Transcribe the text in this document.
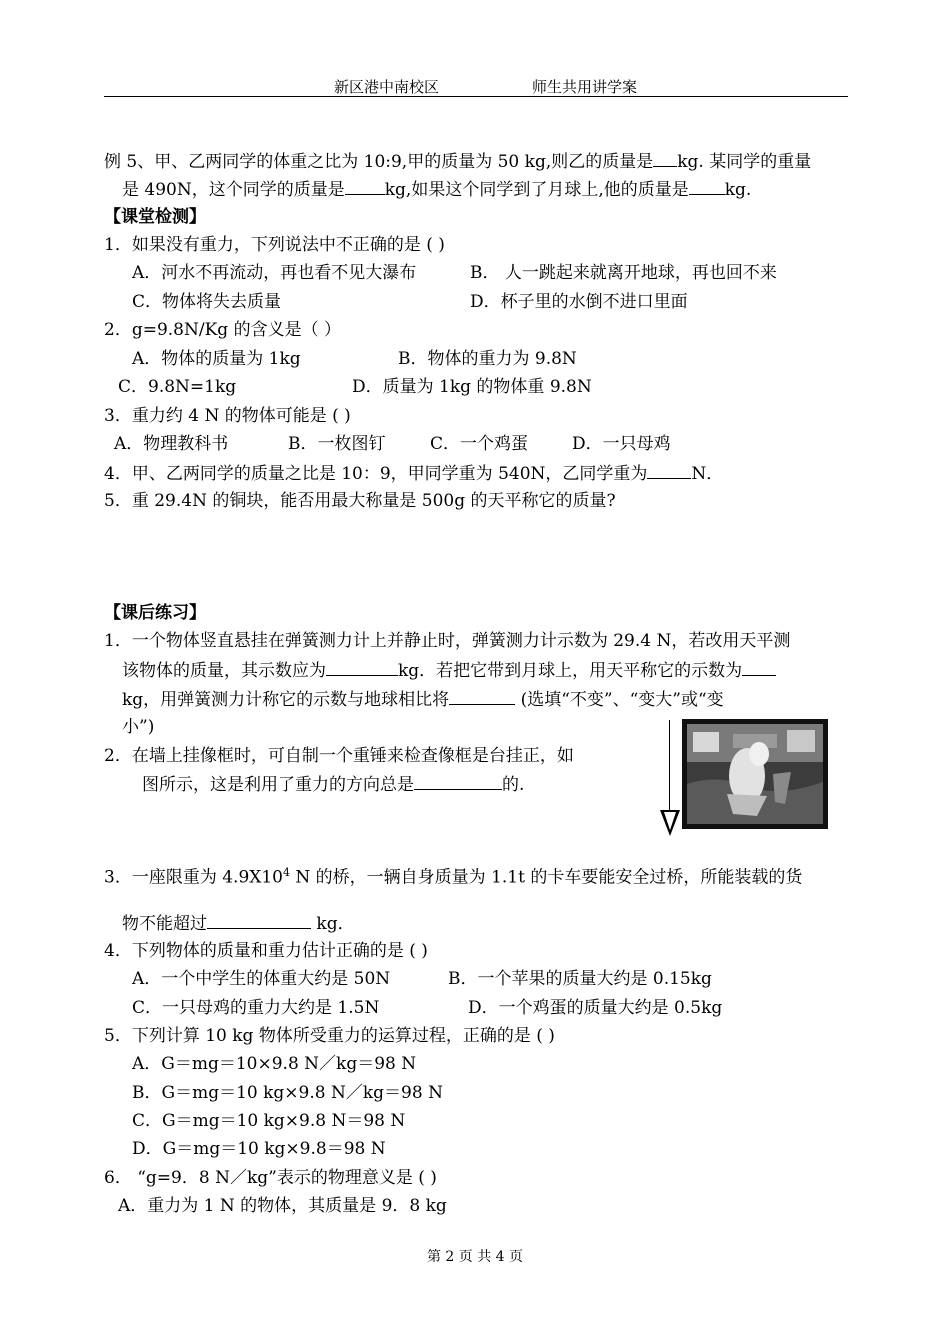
新区港中南校区	师生共用讲学案
例 5、甲、乙两同学的体重之比为 10:9,甲的质量为 50 kg,则乙的质量是 kg. 某同学的重量
是 490N，这个同学的质量是 kg,如果这个同学到了月球上,他的质量是 kg.
【课堂检测】
1．如果没有重力，下列说法中不正确的是 ( )
A．河水不再流动，再也看不见大瀑布	B． 人一跳起来就离开地球，再也回不来
C．物体将失去质量	D．杯子里的水倒不进口里面
2．g=9.8N/Kg 的含义是（ ）
A．物体的质量为 1kg	B．物体的重力为 9.8N
C．9.8N=1kg	D．质量为 1kg 的物体重 9.8N
3．重力约 4 N 的物体可能是 ( )
A．物理教科书	B．一枚图钉	C．一个鸡蛋	D．一只母鸡
4．甲、乙两同学的质量之比是 10：9，甲同学重为 540N，乙同学重为	N．
5．重 29.4N 的铜块，能否用最大称量是 500g 的天平称它的质量?
【课后练习】
1．一个物体竖直悬挂在弹簧测力计上并静止时，弹簧测力计示数为 29.4 N，若改用天平测
该物体的质量，其示数应为	kg．若把它带到月球上，用天平称它的示数为
kg，用弹簧测力计称它的示数与地球相比将	(选填“不变”、“变大”或“变
小”)
2．在墙上挂像框时，可自制一个重锤来检查像框是台挂正，如
图所示，这是利用了重力的方向总是	的.
3．一座限重为 $4.9X10^4$ N 的桥，一辆自身质量为 1.1t 的卡车要能安全过桥，所能装载的货
物不能超过	kg．
4．下列物体的质量和重力估计正确的是 ( )
A．一个中学生的体重大约是 50N	B．一个苹果的质量大约是 0.15kg
C．一只母鸡的重力大约是 1.5N	D．一个鸡蛋的质量大约是 0.5kg
5．下列计算 10 kg 物体所受重力的运算过程，正确的是 ( )
A．G＝mg＝10×9.8 N／kg＝98 N
B．G＝mg＝10 kg×9.8 N／kg＝98 N
C．G＝mg＝10 kg×9.8 N＝98 N
D．G＝mg＝10 kg×9.8＝98 N
6． “g=9．8 N／kg”表示的物理意义是 ( )
A．重力为 1 N 的物体，其质量是 9．8 kg
第 2 页 共 4 页
